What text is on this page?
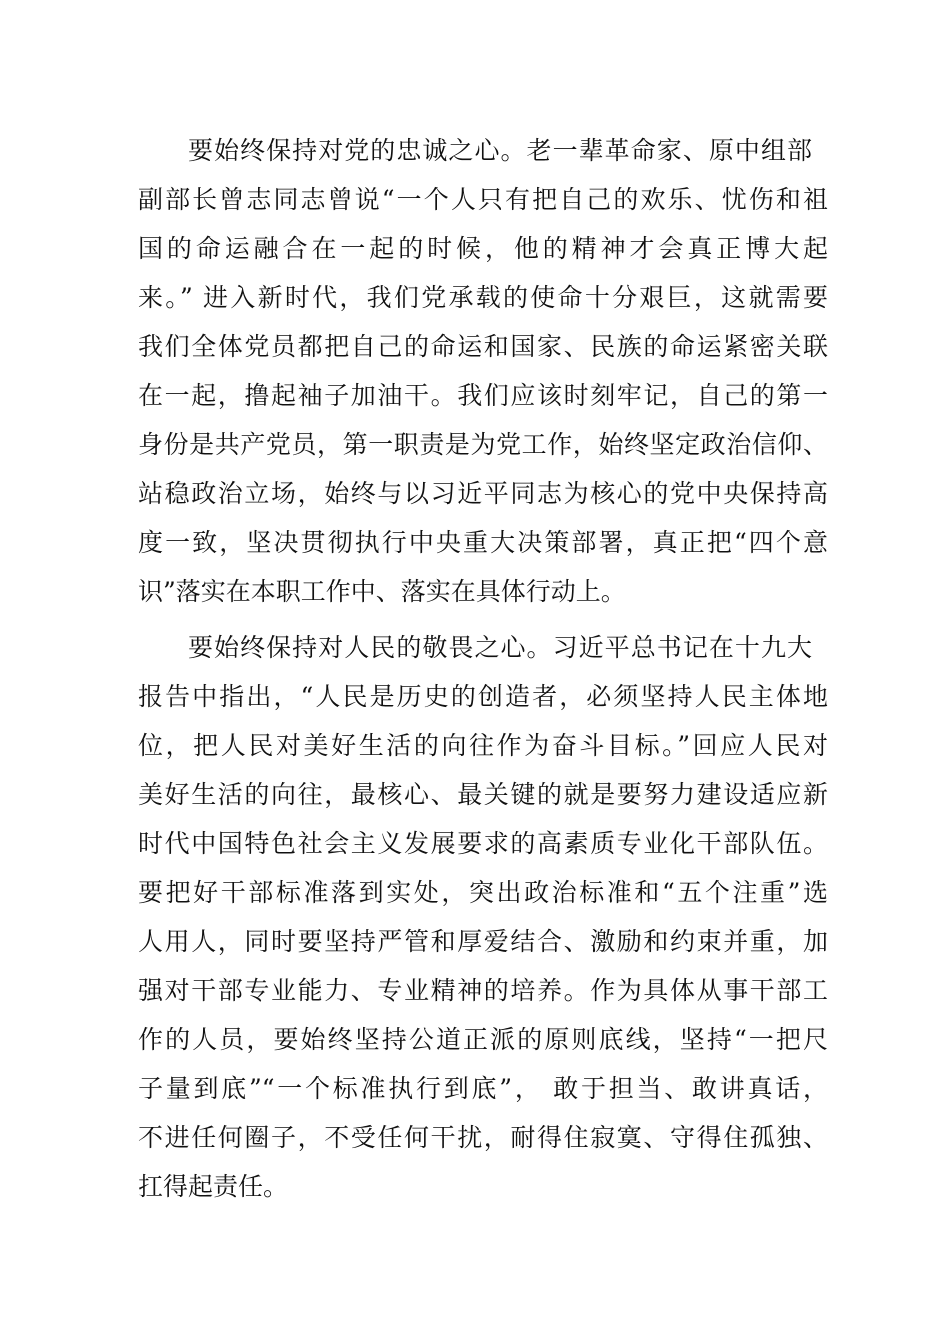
要始终保持对党的忠诚之心。老一辈革命家、原中组部
副部长曾志同志曾说“一个人只有把自己的欢乐、忧伤和祖
国的命运融合在一起的时候，他的精神才会真正博大起
来。” 进入新时代，我们党承载的使命十分艰巨，这就需要
我们全体党员都把自己的命运和国家、民族的命运紧密关联
在一起，撸起袖子加油干。我们应该时刻牢记，自己的第一
身份是共产党员，第一职责是为党工作，始终坚定政治信仰、
站稳政治立场，始终与以习近平同志为核心的党中央保持高
度一致，坚决贯彻执行中央重大决策部署，真正把“四个意
识”落实在本职工作中、落实在具体行动上。
要始终保持对人民的敬畏之心。习近平总书记在十九大
报告中指出，“人民是历史的创造者，必须坚持人民主体地
位，把人民对美好生活的向往作为奋斗目标。”回应人民对
美好生活的向往，最核心、最关键的就是要努力建设适应新
时代中国特色社会主义发展要求的高素质专业化干部队伍。
要把好干部标准落到实处，突出政治标准和“五个注重”选
人用人，同时要坚持严管和厚爱结合、激励和约束并重，加
强对干部专业能力、专业精神的培养。作为具体从事干部工
作的人员，要始终坚持公道正派的原则底线，坚持“一把尺
子量到底”“一个标准执行到底”， 敢于担当、敢讲真话，
不进任何圈子，不受任何干扰，耐得住寂寞、守得住孤独、
扛得起责任。
